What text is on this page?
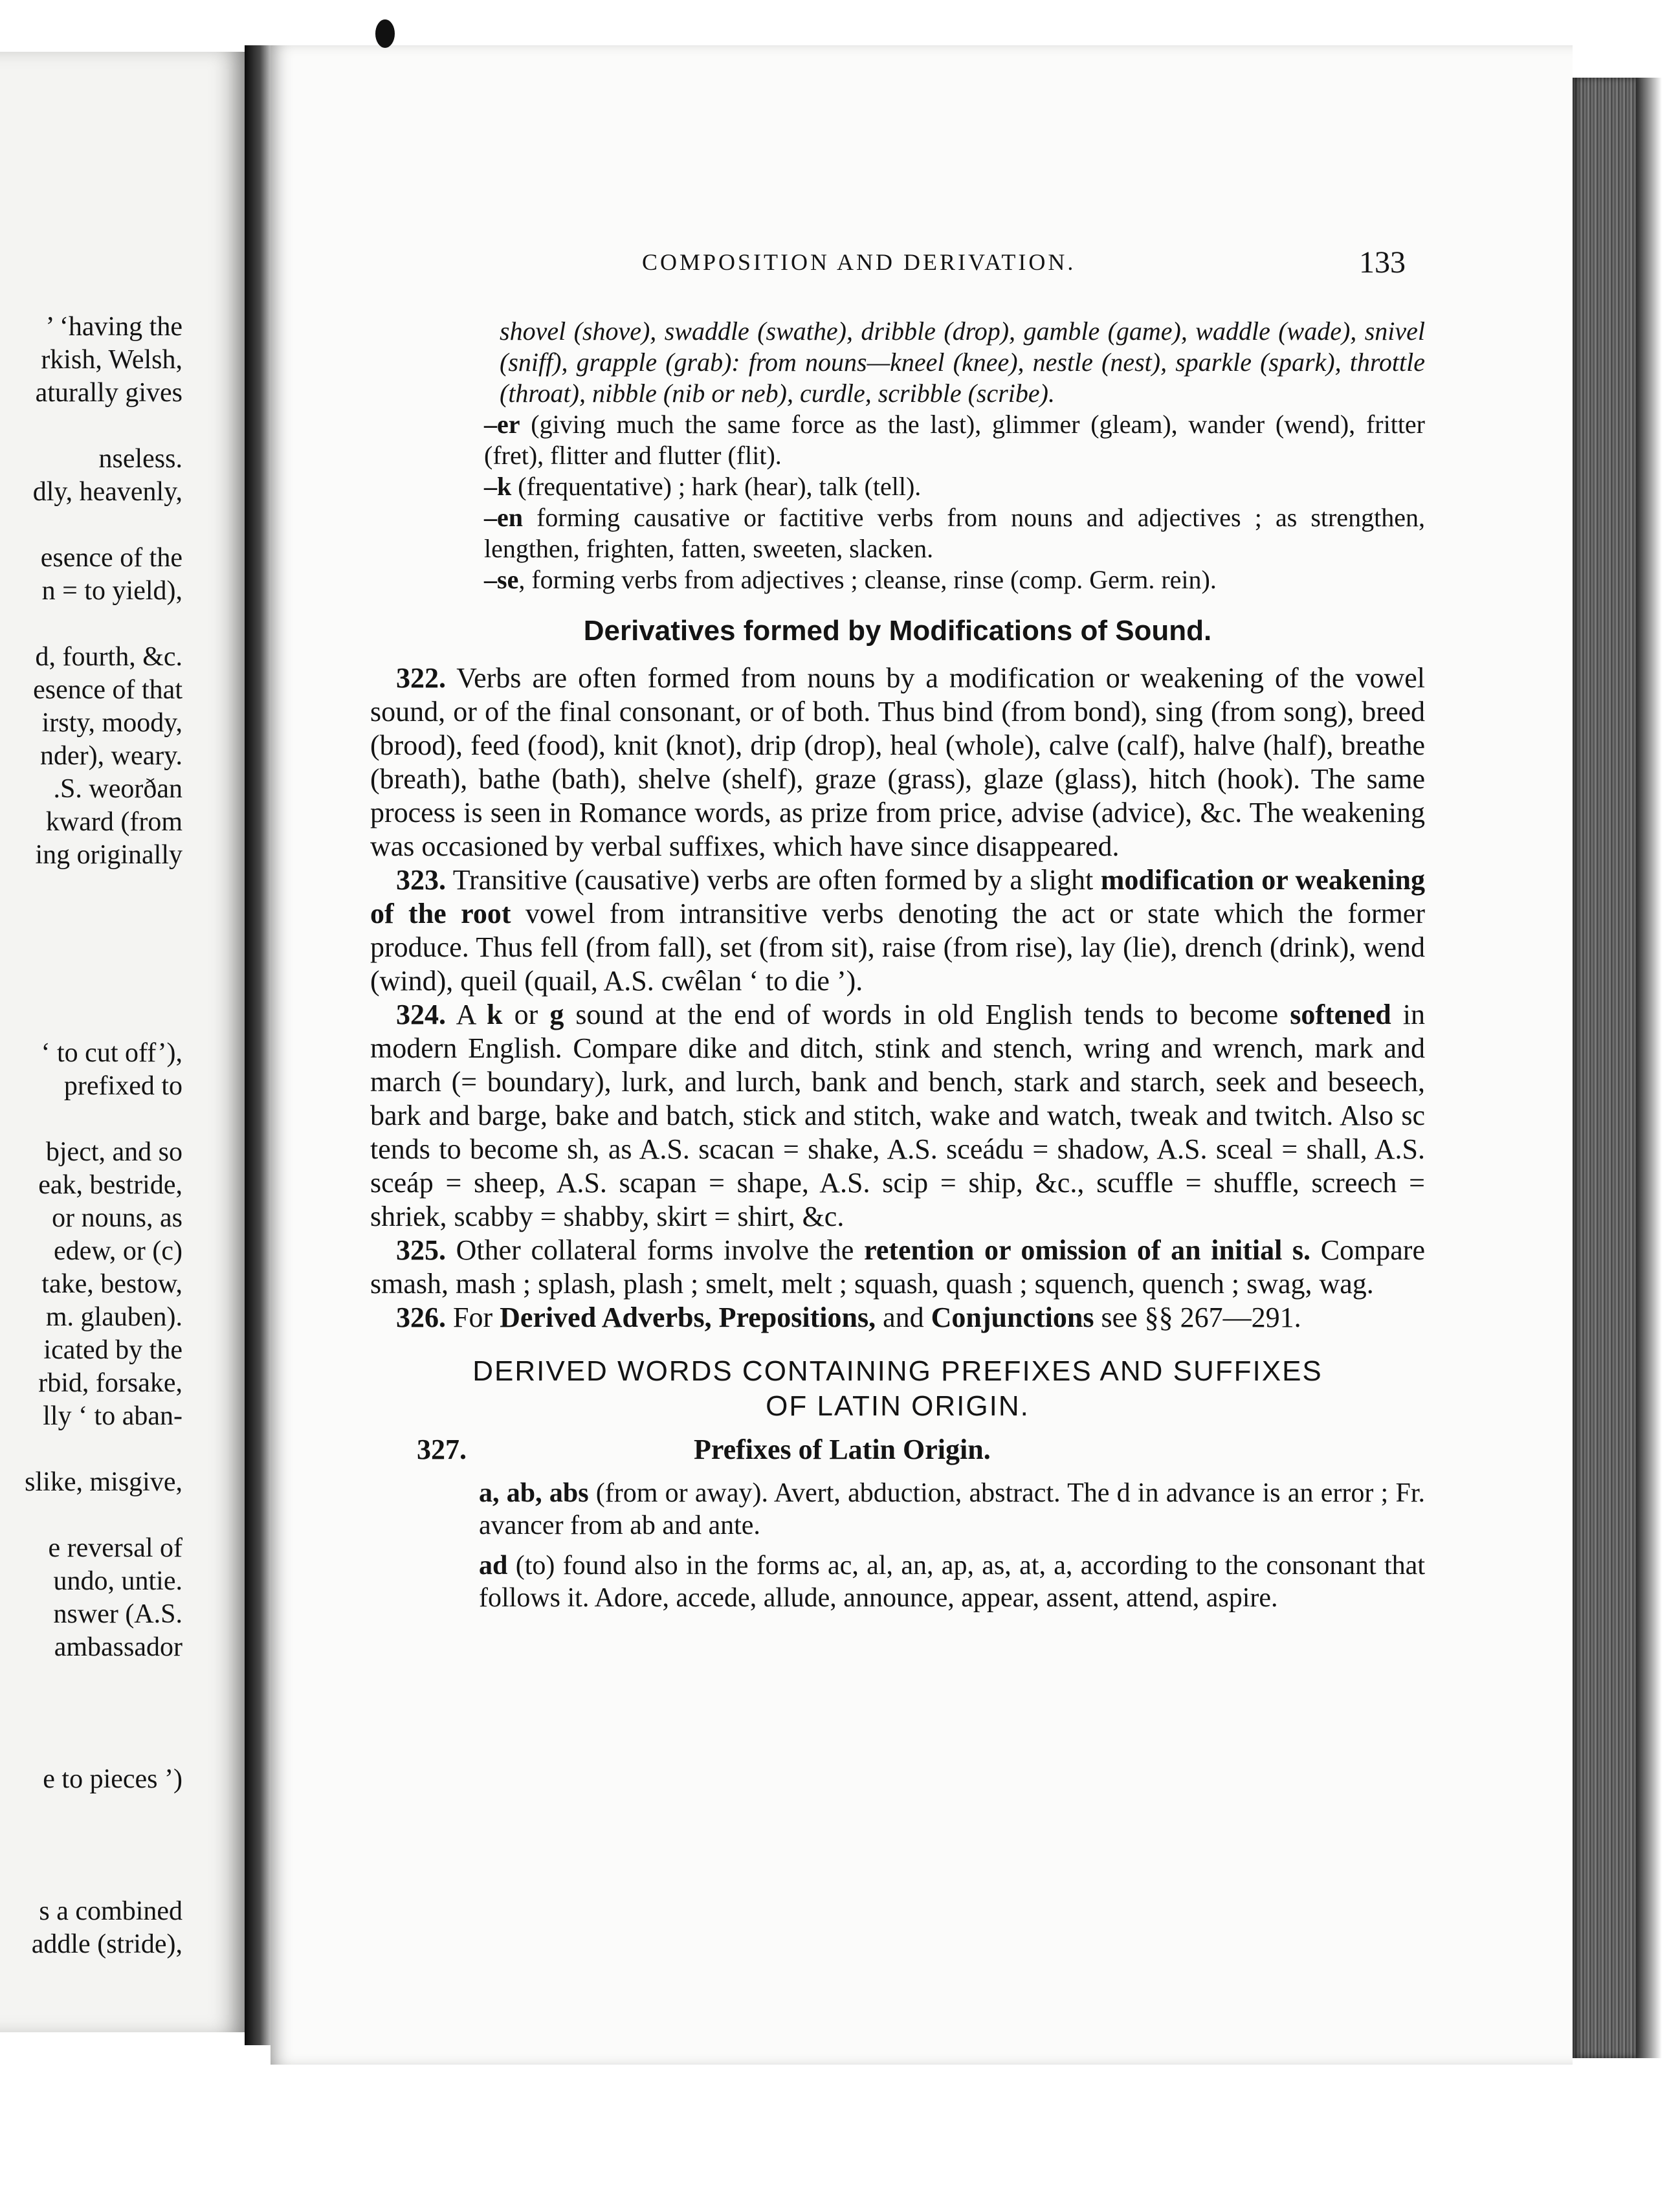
’ ‘having the
rkish, Welsh,
aturally gives
nseless.
dly, heavenly,
esence of the
n = to yield),
d, fourth, &c.
esence of that
irsty, moody,
nder), weary.
.S. weorðan
kward (from
ing originally
‘ to cut off’),
prefixed to
bject, and so
eak, bestride,
or nouns, as
edew, or (c)
take, bestow,
m. glauben).
icated by the
rbid, forsake,
lly ‘ to aban-
slike, misgive,
e reversal of
undo, untie.
nswer (A.S.
ambassador
e to pieces ’)
s a combined
addle (stride),
COMPOSITION AND DERIVATION.	133
shovel (shove), swaddle (swathe), dribble (drop), gamble (game), waddle (wade), snivel (sniff), grapple (grab): from nouns—kneel (knee), nestle (nest), sparkle (spark), throttle (throat), nibble (nib or neb), curdle, scribble (scribe).
–er (giving much the same force as the last), glimmer (gleam), wander (wend), fritter (fret), flitter and flutter (flit).
–k (frequentative) ; hark (hear), talk (tell).
–en forming causative or factitive verbs from nouns and adjectives ; as strengthen, lengthen, frighten, fatten, sweeten, slacken.
–se, forming verbs from adjectives ; cleanse, rinse (comp. Germ. rein).
Derivatives formed by Modifications of Sound.

322. Verbs are often formed from nouns by a modification or weakening of the vowel sound, or of the final consonant, or of both. Thus bind (from bond), sing (from song), breed (brood), feed (food), knit (knot), drip (drop), heal (whole), calve (calf), halve (half), breathe (breath), bathe (bath), shelve (shelf), graze (grass), glaze (glass), hitch (hook). The same process is seen in Romance words, as prize from price, advise (advice), &c. The weakening was occasioned by verbal suffixes, which have since disappeared.

323. Transitive (causative) verbs are often formed by a slight modification or weakening of the root vowel from intransitive verbs denoting the act or state which the former produce. Thus fell (from fall), set (from sit), raise (from rise), lay (lie), drench (drink), wend (wind), queil (quail, A.S. cwêlan ‘ to die ’).

324. A k or g sound at the end of words in old English tends to become softened in modern English. Compare dike and ditch, stink and stench, wring and wrench, mark and march (= boundary), lurk, and lurch, bank and bench, stark and starch, seek and beseech, bark and barge, bake and batch, stick and stitch, wake and watch, tweak and twitch. Also sc tends to become sh, as A.S. scacan = shake, A.S. sceádu = shadow, A.S. sceal = shall, A.S. sceáp = sheep, A.S. scapan = shape, A.S. scip = ship, &c., scuffle = shuffle, screech = shriek, scabby = shabby, skirt = shirt, &c.

325. Other collateral forms involve the retention or omission of an initial s. Compare smash, mash ; splash, plash ; smelt, melt ; squash, quash ; squench, quench ; swag, wag.

326. For Derived Adverbs, Prepositions, and Conjunctions see §§ 267—291.

DERIVED WORDS CONTAINING PREFIXES AND SUFFIXES
OF LATIN ORIGIN.
327.	Prefixes of Latin Origin.
a, ab, abs (from or away). Avert, abduction, abstract. The d in advance is an error ; Fr. avancer from ab and ante.
ad (to) found also in the forms ac, al, an, ap, as, at, a, according to the consonant that follows it. Adore, accede, allude, announce, appear, assent, attend, aspire.
